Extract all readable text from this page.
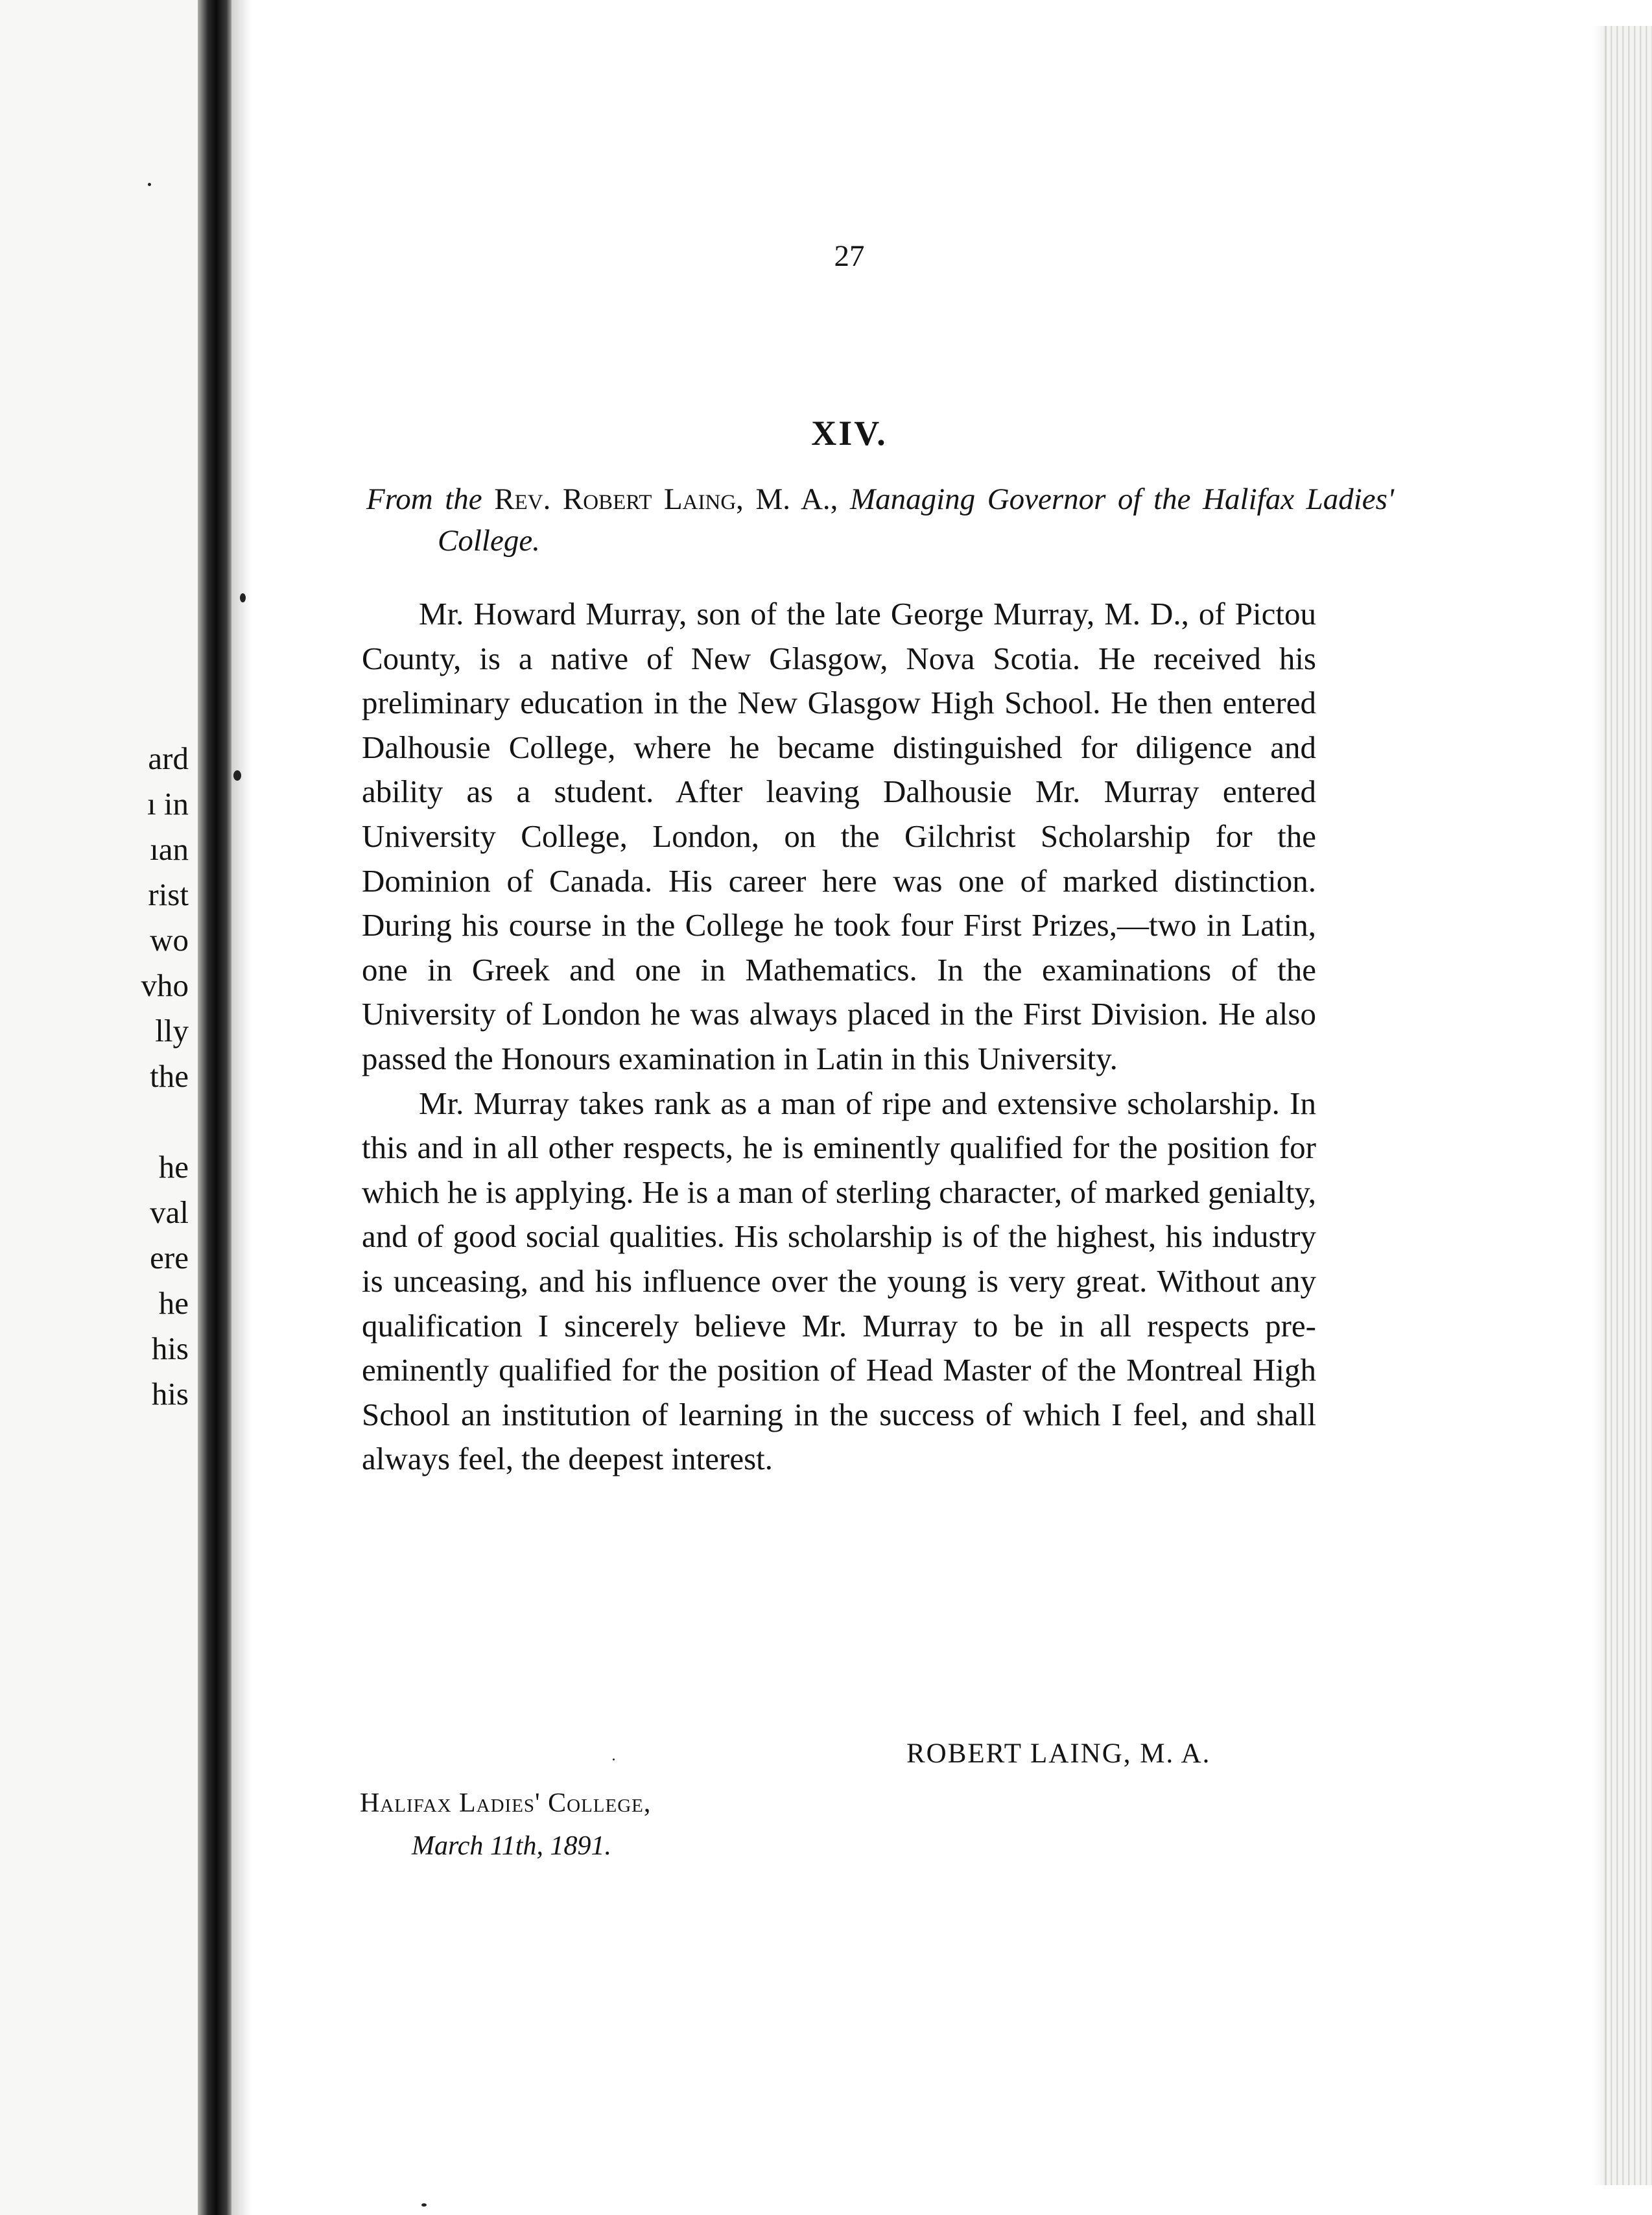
ard
ı in
ıan
rist
wo
vho
lly
the
he
val
ere
he
his
his
27
XIV.
From the Rev. Robert Laing, M. A., Managing Governor of the Halifax Ladies' College.

Mr. Howard Murray, son of the late George Murray, M. D., of Pictou County, is a native of New Glasgow, Nova Scotia. He received his preliminary education in the New Glasgow High School. He then entered Dalhousie College, where he became distinguished for diligence and ability as a student. After leaving Dalhousie Mr. Murray entered University College, London, on the Gilchrist Scholarship for the Dominion of Canada. His career here was one of marked distinction. During his course in the College he took four First Prizes,—two in Latin, one in Greek and one in Mathematics. In the examinations of the University of London he was always placed in the First Division. He also passed the Honours examination in Latin in this University.

Mr. Murray takes rank as a man of ripe and extensive scholarship. In this and in all other respects, he is eminently qualified for the position for which he is applying. He is a man of sterling character, of marked genialty, and of good social qualities. His scholarship is of the highest, his industry is unceasing, and his influence over the young is very great. Without any qualification I sincerely believe Mr. Murray to be in all respects pre-eminently qualified for the position of Head Master of the Montreal High School an institution of learning in the success of which I feel, and shall always feel, the deepest interest.

ROBERT LAING, M. A.
Halifax Ladies' College,
March 11th, 1891.
